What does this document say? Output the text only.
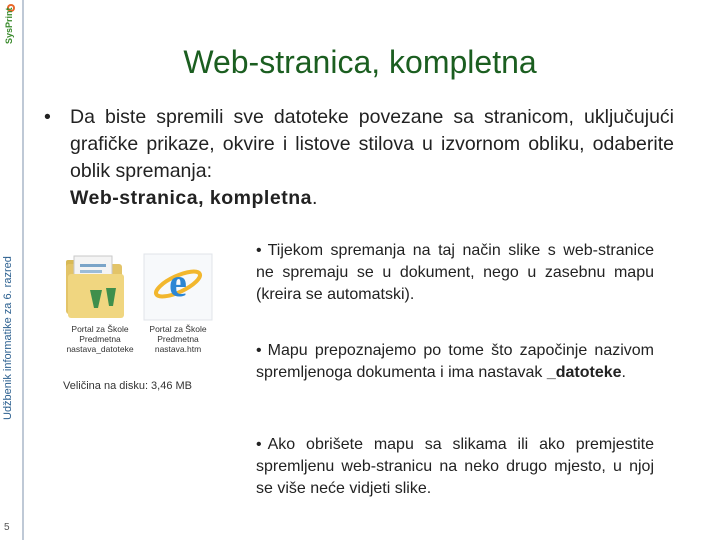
SysPrint
Udžbenik informatike za 6. razred
5
Web-stranica, kompletna
• Da biste spremili sve datoteke povezane sa stranicom, uključujući grafičke prikaze, okvire i listove stilova u izvornom obliku, odaberite oblik spremanja:
Web-stranica, kompletna.
Portal za Škole Predmetna nastava_datoteke
e
Portal za Škole Predmetna nastava.htm
Veličina na disku: 3,46 MB
• Tijekom spremanja na taj način slike s web-stranice ne spremaju se u dokument, nego u zasebnu mapu (kreira se automatski).
• Mapu prepoznajemo po tome što započinje nazivom spremljenoga dokumenta i ima nastavak _datoteke.
• Ako obrišete mapu sa slikama ili ako premjestite spremljenu web-stranicu na neko drugo mjesto, u njoj se više neće vidjeti slike.
